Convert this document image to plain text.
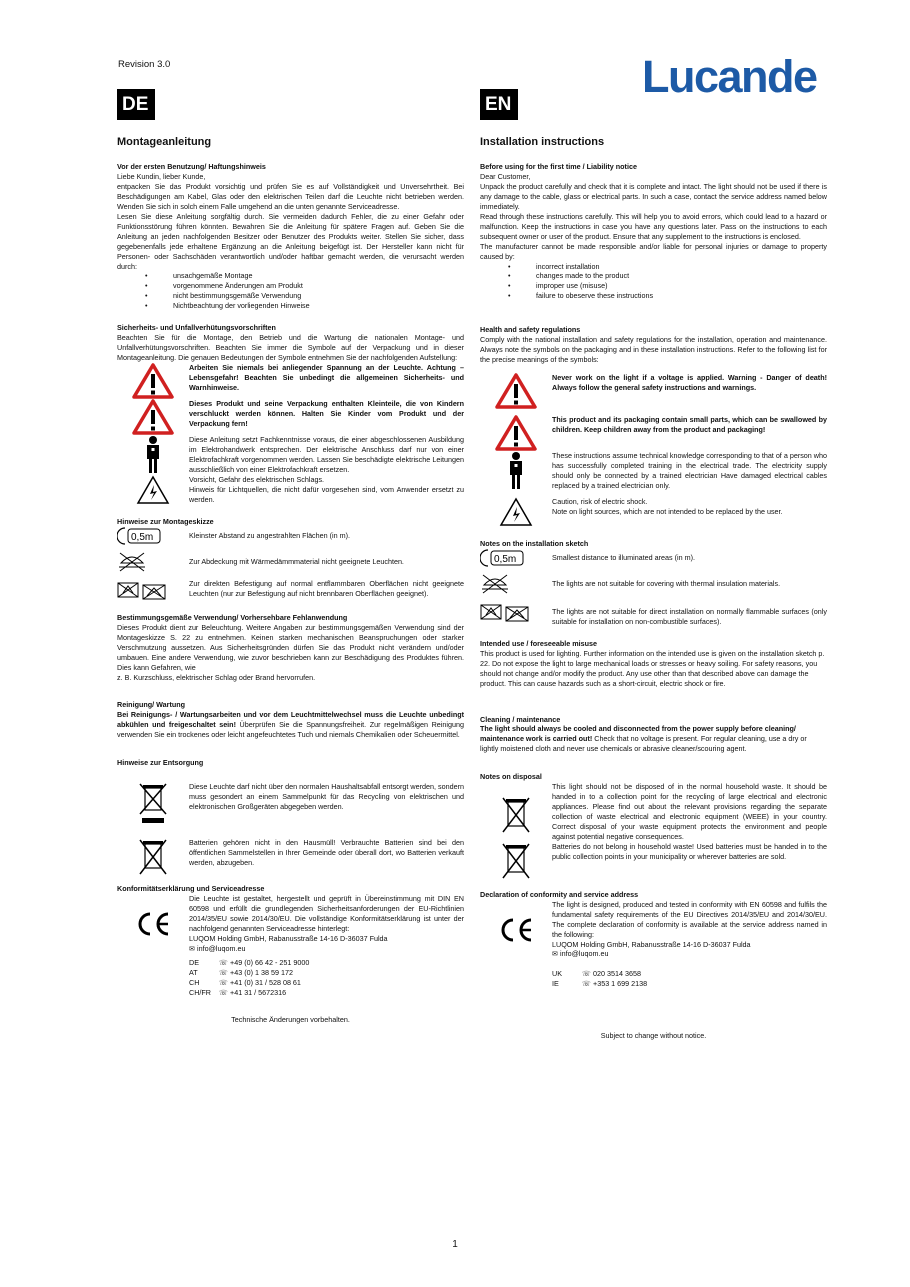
Revision 3.0	Lucande
DE
Montageanleitung

Vor der ersten Benutzung/ Haftungshinweis

Liebe Kundin, lieber Kunde,

entpacken Sie das Produkt vorsichtig und prüfen Sie es auf Vollständigkeit und Unversehrtheit. Bei Beschädigungen am Kabel, Glas oder den elektrischen Teilen darf die Leuchte nicht betrieben werden. Wenden Sie sich in solch einem Falle umgehend an die unten genannte Serviceadresse.

Lesen Sie diese Anleitung sorgfältig durch. Sie vermeiden dadurch Fehler, die zu einer Gefahr oder Funktionsstörung führen könnten. Bewahren Sie die Anleitung für spätere Fragen auf. Geben Sie die Anleitung an jeden nachfolgenden Besitzer oder Benutzer des Produkts weiter. Stellen Sie sicher, dass gegebenenfalls jede erhaltene Ergänzung an die Anleitung beigefügt ist. Der Hersteller kann nicht für Personen- oder Sachschäden verantwortlich und/oder haftbar gemacht werden, die verursacht werden durch:

• unsachgemäße Montage
• vorgenommene Änderungen am Produkt
• nicht bestimmungsgemäße Verwendung
• Nichtbeachtung der vorliegenden Hinweise

Sicherheits- und Unfallverhütungsvorschriften

Beachten Sie für die Montage, den Betrieb und die Wartung die nationalen Montage- und Unfallverhütungsvorschriften. Beachten Sie immer die Symbole auf der Verpackung und in dieser Montageanleitung. Die genauen Bedeutungen der Symbole entnehmen Sie der nachfolgenden Aufstellung:

Arbeiten Sie niemals bei anliegender Spannung an der Leuchte. Achtung – Lebensgefahr! Beachten Sie unbedingt die allgemeinen Sicherheits- und Warnhinweise.
Dieses Produkt und seine Verpackung enthalten Kleinteile, die von Kindern verschluckt werden können. Halten Sie Kinder vom Produkt und der Verpackung fern!
Diese Anleitung setzt Fachkenntnisse voraus, die einer abgeschlossenen Ausbildung im Elektrohandwerk entsprechen. Der elektrische Anschluss darf nur von einer Elektrofachkraft vorgenommen werden. Lassen Sie beschädigte elektrische Leitungen ausschließlich von einer Elektrofachkraft ersetzen.
Vorsicht, Gefahr des elektrischen Schlags.
Hinweis für Lichtquellen, die nicht dafür vorgesehen sind, vom Anwender ersetzt zu werden.

Hinweise zur Montageskizze

0,5m	Kleinster Abstand zu angestrahlten Flächen (in m).
Zur Abdeckung mit Wärmedämmmaterial nicht geeignete Leuchten.
Zur direkten Befestigung auf normal entflammbaren Oberflächen nicht geeignete Leuchten (nur zur Befestigung auf nicht brennbaren Oberflächen geeignet).

Bestimmungsgemäße Verwendung/ Vorhersehbare Fehlanwendung

Dieses Produkt dient zur Beleuchtung. Weitere Angaben zur bestimmungsgemäßen Verwendung sind der Montageskizze S. 22 zu entnehmen. Keinen starken mechanischen Beanspruchungen oder starker Verschmutzung aussetzen. Aus Sicherheitsgründen dürfen Sie das Produkt nicht verändern und/oder umbauen. Eine andere Verwendung, wie zuvor beschrieben kann zur Beschädigung des Produktes führen. Dies kann Gefahren, wie

z. B. Kurzschluss, elektrischer Schlag oder Brand hervorrufen.

Reinigung/ Wartung

Bei Reinigungs- / Wartungsarbeiten und vor dem Leuchtmittelwechsel muss die Leuchte unbedingt abkühlen und freigeschaltet sein! Überprüfen Sie die Spannungsfreiheit. Zur regelmäßigen Reinigung verwenden Sie ein trockenes oder leicht angefeuchtetes Tuch und niemals Chemikalien oder Scheuermittel.

Hinweise zur Entsorgung

Diese Leuchte darf nicht über den normalen Haushaltsabfall entsorgt werden, sondern muss gesondert an einem Sammelpunkt für das Recycling von elektrischen und elektronischen Großgeräten abgegeben werden.
Batterien gehören nicht in den Hausmüll! Verbrauchte Batterien sind bei den öffentlichen Sammelstellen in Ihrer Gemeinde oder überall dort, wo Batterien verkauft werden, abzugeben.

Konformitätserklärung und Serviceadresse

Die Leuchte ist gestaltet, hergestellt und geprüft in Übereinstimmung mit DIN EN 60598 und erfüllt die grundlegenden Sicherheitsanforderungen der EU-Richtlinien 2014/35/EU sowie 2014/30/EU. Die vollständige Konformitätserklärung ist unter der nachfolgend genannten Serviceadresse hinterlegt:
LUQOM Holding GmbH, Rabanusstraße 14-16 D-36037 Fulda
✉ info@luqom.eu
DE	☏ +49 (0) 66 42 - 251 9000
AT	☏ +43 (0) 1 38 59 172
CH	☏ +41 (0) 31 / 528 08 61
CH/FR	☏ +41 31 / 5672316
Technische Änderungen vorbehalten.
EN
Installation instructions

Before using for the first time / Liability notice

Dear Customer,

Unpack the product carefully and check that it is complete and intact. The light should not be used if there is any damage to the cable, glass or electrical parts. In such a case, contact the service address named below immediately.

Read through these instructions carefully. This will help you to avoid errors, which could lead to a hazard or malfunction. Keep the instructions in case you have any questions later. Pass on the instructions to each subsequent owner or user of the product. Ensure that any supplement to the instructions is enclosed.

The manufacturer cannot be made responsible and/or liable for personal injuries or damage to property caused by:

• incorrect installation
• changes made to the product
• improper use (misuse)
• failure to obeserve these instructions

Health and safety regulations

Comply with the national installation and safety regulations for the installation, operation and maintenance. Always note the symbols on the packaging and in these installation instructions. Refer to the following list for the precise meanings of the symbols:

Never work on the light if a voltage is applied. Warning - Danger of death! Always follow the general safety instructions and warnings.
This product and its packaging contain small parts, which can be swallowed by children. Keep children away from the product and packaging!
These instructions assume technical knowledge corresponding to that of a person who has successfully completed training in the electrical trade. The electricity supply should only be connected by a trained electrician Have damaged electrical cables replaced by a trained electrician only.
Caution, risk of electric shock.
Note on light sources, which are not intended to be replaced by the user.

Notes on the installation sketch

0,5m	Smallest distance to illuminated areas (in m).
The lights are not suitable for covering with thermal insulation materials.
The lights are not suitable for direct installation on normally flammable surfaces (only suitable for installation on non-combustible surfaces).

Intended use / foreseeable misuse

This product is used for lighting. Further information on the intended use is given on the installation sketch p. 22. Do not expose the light to large mechanical loads or stresses or heavy soiling. For safety reasons, you should not change and/or modify the product. Any use other than that described above can damage the product. This can cause hazards such as a short-circuit, electric shock or fire.

Cleaning / maintenance

The light should always be cooled and disconnected from the power supply before cleaning/ maintenance work is carried out! Check that no voltage is present. For regular cleaning, use a dry or lightly moistened cloth and never use chemicals or abrasive cleaner/scouring agent.

Notes on disposal

This light should not be disposed of in the normal household waste. It should be handed in to a collection point for the recycling of large electrical and electronic appliances. Please find out about the relevant provisions regarding the separate collection of waste electrical and electronic equipment (WEEE) in your country. Correct disposal of your waste equipment protects the environment and people against potential negative consequences.
Batteries do not belong in household waste! Used batteries must be handed in to the public collection points in your municipality or wherever batteries are sold.

Declaration of conformity and service address

The light is designed, produced and tested in conformity with EN 60598 and fulfils the fundamental safety requirements of the EU Directives 2014/35/EU and 2014/30/EU. The complete declaration of conformity is available at the service address named in the following:
LUQOM Holding GmbH, Rabanusstraße 14-16 D-36037 Fulda
✉ info@luqom.eu
UK	☏ 020 3514 3658
IE	☏ +353 1 699 2138
Subject to change without notice.
1
